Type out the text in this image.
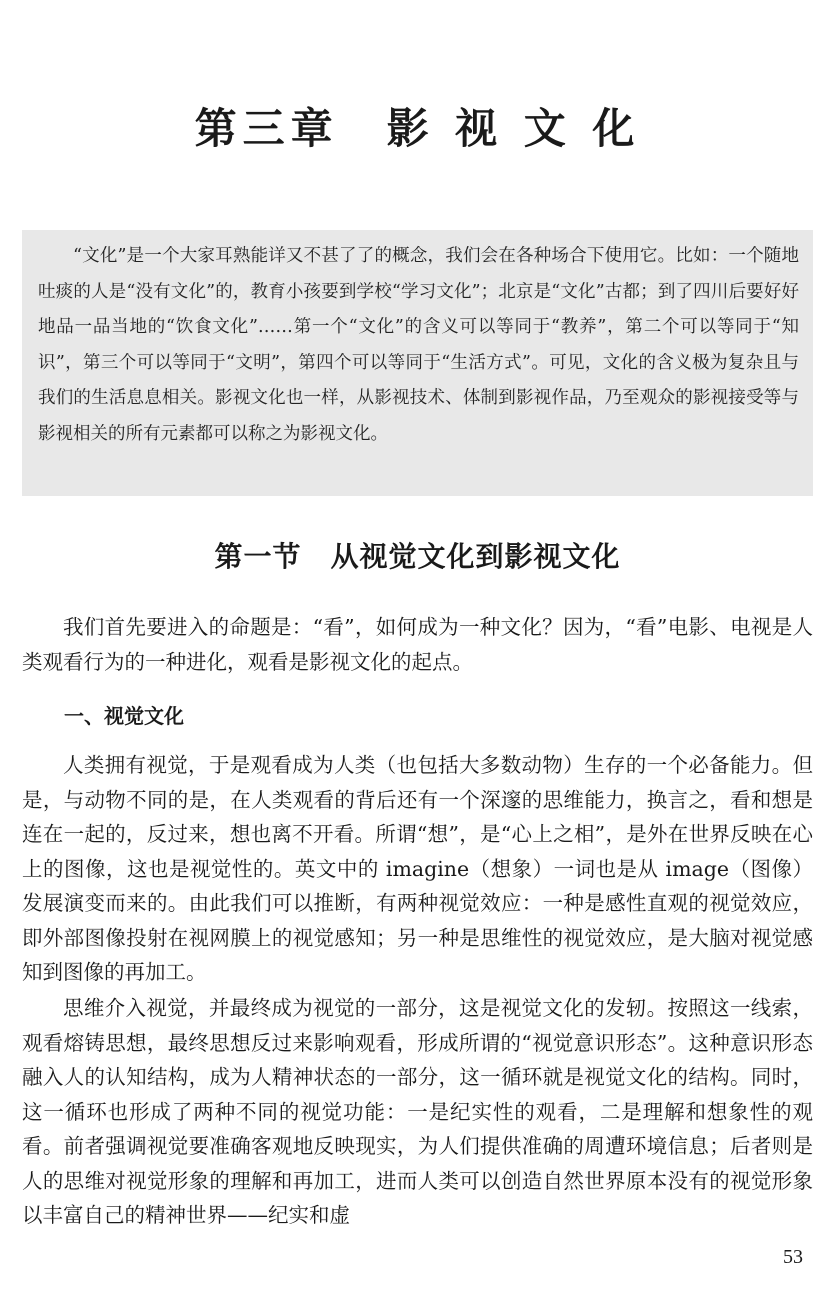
第三章　影 视 文 化

“文化”是一个大家耳熟能详又不甚了了的概念，我们会在各种场合下使用它。比如：一个随地吐痰的人是“没有文化”的，教育小孩要到学校“学习文化”；北京是“文化”古都；到了四川后要好好地品一品当地的“饮食文化”……第一个“文化”的含义可以等同于“教养”，第二个可以等同于“知识”，第三个可以等同于“文明”，第四个可以等同于“生活方式”。可见，文化的含义极为复杂且与我们的生活息息相关。影视文化也一样，从影视技术、体制到影视作品，乃至观众的影视接受等与影视相关的所有元素都可以称之为影视文化。

第一节　从视觉文化到影视文化

我们首先要进入的命题是：“看”，如何成为一种文化？因为，“看”电影、电视是人类观看行为的一种进化，观看是影视文化的起点。

一、视觉文化

人类拥有视觉，于是观看成为人类（也包括大多数动物）生存的一个必备能力。但是，与动物不同的是，在人类观看的背后还有一个深邃的思维能力，换言之，看和想是连在一起的，反过来，想也离不开看。所谓“想”，是“心上之相”，是外在世界反映在心上的图像，这也是视觉性的。英文中的 imagine（想象）一词也是从 image（图像）发展演变而来的。由此我们可以推断，有两种视觉效应：一种是感性直观的视觉效应，即外部图像投射在视网膜上的视觉感知；另一种是思维性的视觉效应，是大脑对视觉感知到图像的再加工。

思维介入视觉，并最终成为视觉的一部分，这是视觉文化的发轫。按照这一线索，观看熔铸思想，最终思想反过来影响观看，形成所谓的“视觉意识形态”。这种意识形态融入人的认知结构，成为人精神状态的一部分，这一循环就是视觉文化的结构。同时，这一循环也形成了两种不同的视觉功能：一是纪实性的观看，二是理解和想象性的观看。前者强调视觉要准确客观地反映现实，为人们提供准确的周遭环境信息；后者则是人的思维对视觉形象的理解和再加工，进而人类可以创造自然世界原本没有的视觉形象以丰富自己的精神世界——纪实和虚

53
